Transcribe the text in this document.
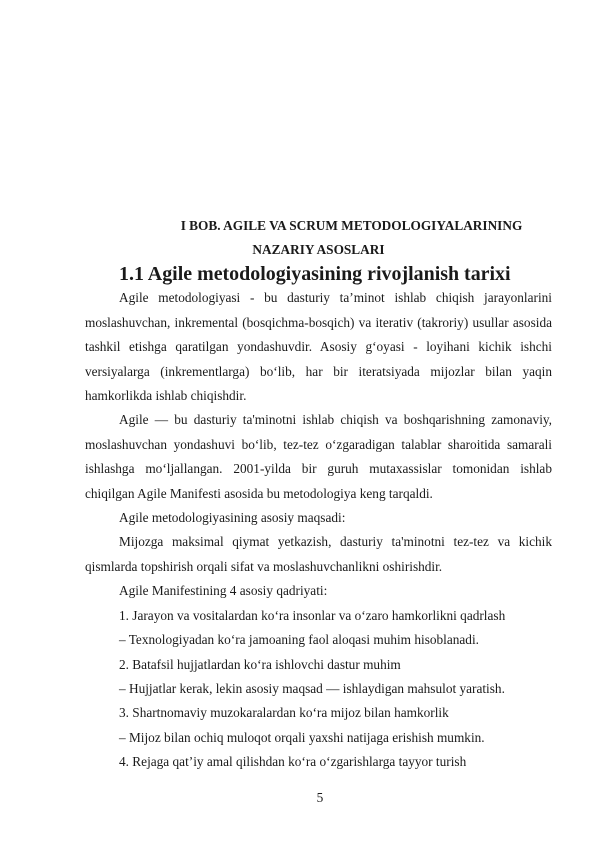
I BOB. AGILE VA SCRUM METODOLOGIYALARINING
NAZARIY ASOSLARI
1.1 Agile metodologiyasining rivojlanish tarixi

Agile metodologiyasi - bu dasturiy ta’minot ishlab chiqish jarayonlarini moslashuvchan, inkremental (bosqichma-bosqich) va iterativ (takroriy) usullar asosida tashkil etishga qaratilgan yondashuvdir. Asosiy g‘oyasi - loyihani kichik ishchi versiyalarga (inkrementlarga) bo‘lib, har bir iteratsiyada mijozlar bilan yaqin hamkorlikda ishlab chiqishdir.

Agile — bu dasturiy ta'minotni ishlab chiqish va boshqarishning zamonaviy, moslashuvchan yondashuvi bo‘lib, tez-tez o‘zgaradigan talablar sharoitida samarali ishlashga mo‘ljallangan. 2001-yilda bir guruh mutaxassislar tomonidan ishlab chiqilgan Agile Manifesti asosida bu metodologiya keng tarqaldi.

Agile metodologiyasining asosiy maqsadi:

Mijozga maksimal qiymat yetkazish, dasturiy ta'minotni tez-tez va kichik qismlarda topshirish orqali sifat va moslashuvchanlikni oshirishdir.

Agile Manifestining 4 asosiy qadriyati:

1. Jarayon va vositalardan ko‘ra insonlar va o‘zaro hamkorlikni qadrlash
– Texnologiyadan ko‘ra jamoaning faol aloqasi muhim hisoblanadi.
2. Batafsil hujjatlardan ko‘ra ishlovchi dastur muhim
– Hujjatlar kerak, lekin asosiy maqsad — ishlaydigan mahsulot yaratish.
3. Shartnomaviy muzokaralardan ko‘ra mijoz bilan hamkorlik
– Mijoz bilan ochiq muloqot orqali yaxshi natijaga erishish mumkin.
4. Rejaga qat’iy amal qilishdan ko‘ra o‘zgarishlarga tayyor turish
5
